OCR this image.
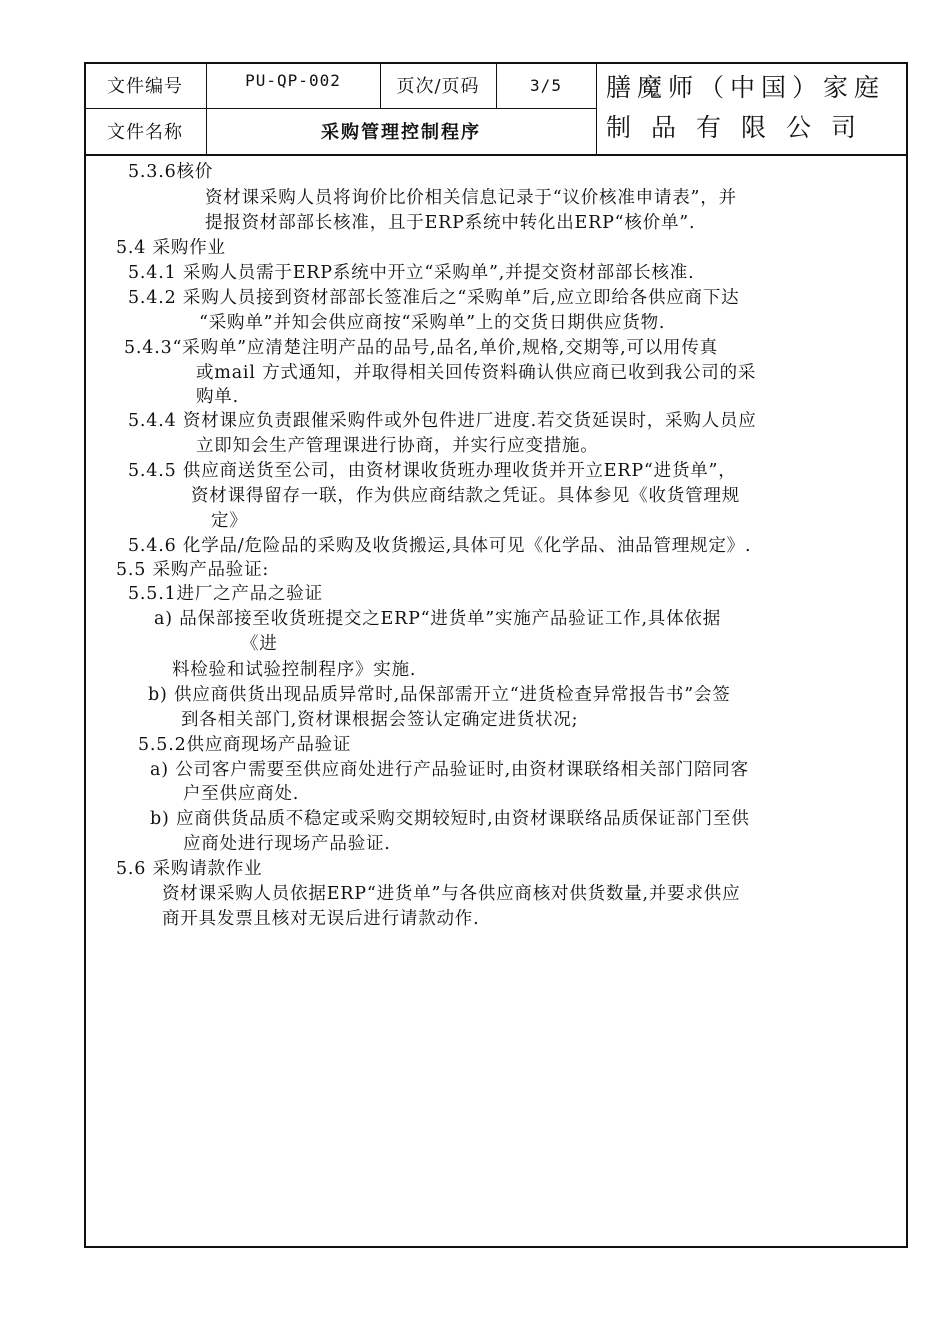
文件编号	PU-QP-002	页次/页码	3/5
文件名称	采购管理控制程序
膳魔师（中国）家庭
制品有限公司
5.3.6核价
资材课采购人员将询价比价相关信息记录于“议价核准申请表”，并
提报资材部部长核准，且于ERP系统中转化出ERP“核价单”.
5.4 采购作业
5.4.1 采购人员需于ERP系统中开立“采购单”,并提交资材部部长核准.
5.4.2 采购人员接到资材部部长签准后之“采购单”后,应立即给各供应商下达
“采购单”并知会供应商按“采购单”上的交货日期供应货物.
5.4.3“采购单”应清楚注明产品的品号,品名,单价,规格,交期等,可以用传真
或mail 方式通知，并取得相关回传资料确认供应商已收到我公司的采
购单.
5.4.4 资材课应负责跟催采购件或外包件进厂进度.若交货延误时，采购人员应
立即知会生产管理课进行协商，并实行应变措施。
5.4.5 供应商送货至公司，由资材课收货班办理收货并开立ERP“进货单”，
资材课得留存一联，作为供应商结款之凭证。具体参见《收货管理规
定》
5.4.6 化学品/危险品的采购及收货搬运,具体可见《化学品、油品管理规定》.
5.5 采购产品验证:
5.5.1进厂之产品之验证
a) 品保部接至收货班提交之ERP“进货单”实施产品验证工作,具体依据
《进
料检验和试验控制程序》实施.
b) 供应商供货出现品质异常时,品保部需开立“进货检查异常报告书”会签
到各相关部门,资材课根据会签认定确定进货状况;
5.5.2供应商现场产品验证
a) 公司客户需要至供应商处进行产品验证时,由资材课联络相关部门陪同客
户至供应商处.
b) 应商供货品质不稳定或采购交期较短时,由资材课联络品质保证部门至供
应商处进行现场产品验证.
5.6 采购请款作业
资材课采购人员依据ERP“进货单”与各供应商核对供货数量,并要求供应
商开具发票且核对无误后进行请款动作.
